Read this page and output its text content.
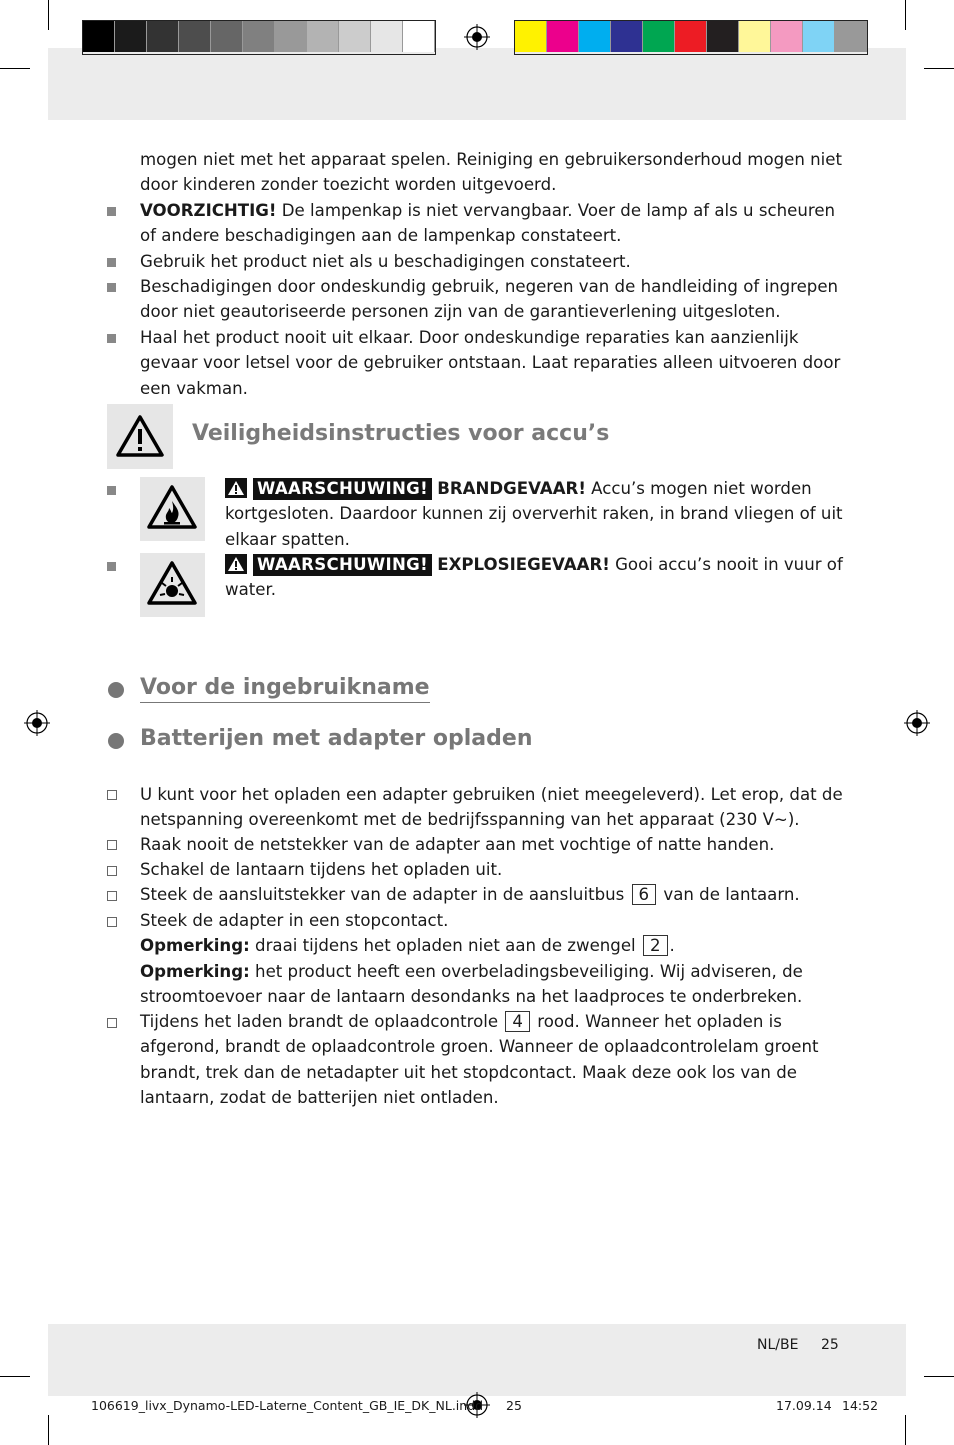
mogen niet met het apparaat spelen. Reiniging en gebruikersonderhoud mogen niet door kinderen zonder toezicht worden uitgevoerd.
VOORZICHTIG! De lampenkap is niet vervangbaar. Voer de lamp af als u scheuren of andere beschadigingen aan de lampenkap constateert.
Gebruik het product niet als u beschadigingen constateert.
Beschadigingen door ondeskundig gebruik, negeren van de handleiding of ingrepen door niet geautoriseerde personen zijn van de garantieverlening uitgesloten.
Haal het product nooit uit elkaar. Door ondeskundige reparaties kan aanzienlijk gevaar voor letsel voor de gebruiker ontstaan. Laat reparaties alleen uitvoeren door een vakman.
Veiligheidsinstructies voor accu’s
WAARSCHUWING! BRANDGEVAAR! Accu’s mogen niet worden kortgesloten. Daardoor kunnen zij oververhit raken, in brand vliegen of uit elkaar spatten.
WAARSCHUWING! EXPLOSIEGEVAAR! Gooi accu’s nooit in vuur of water.
Voor de ingebruikname
Batterijen met adapter opladen
U kunt voor het opladen een adapter gebruiken (niet meegeleverd). Let erop, dat de netspanning overeenkomt met de bedrijfsspanning van het apparaat (230 V~).
Raak nooit de netstekker van de adapter aan met vochtige of natte handen.
Schakel de lantaarn tijdens het opladen uit.
Steek de aansluitstekker van de adapter in de aansluitbus 6 van de lantaarn.
Steek de adapter in een stopcontact.
Opmerking: draai tijdens het opladen niet aan de zwengel 2 .
Opmerking: het product heeft een overbeladingsbeveiliging. Wij adviseren, de stroomtoevoer naar de lantaarn desondanks na het laadproces te onderbreken.
Tijdens het laden brandt de oplaadcontrole 4 rood. Wanneer het opladen is afgerond, brandt de oplaadcontrole groen. Wanneer de oplaadcontrolelam groent brandt, trek dan de netadapter uit het stopdcontact. Maak deze ook los van de lantaarn, zodat de batterijen niet ontladen.
NL/BE 25
106619_livx_Dynamo-LED-Laterne_Content_GB_IE_DK_NL.indd 25	17.09.14 14:52
